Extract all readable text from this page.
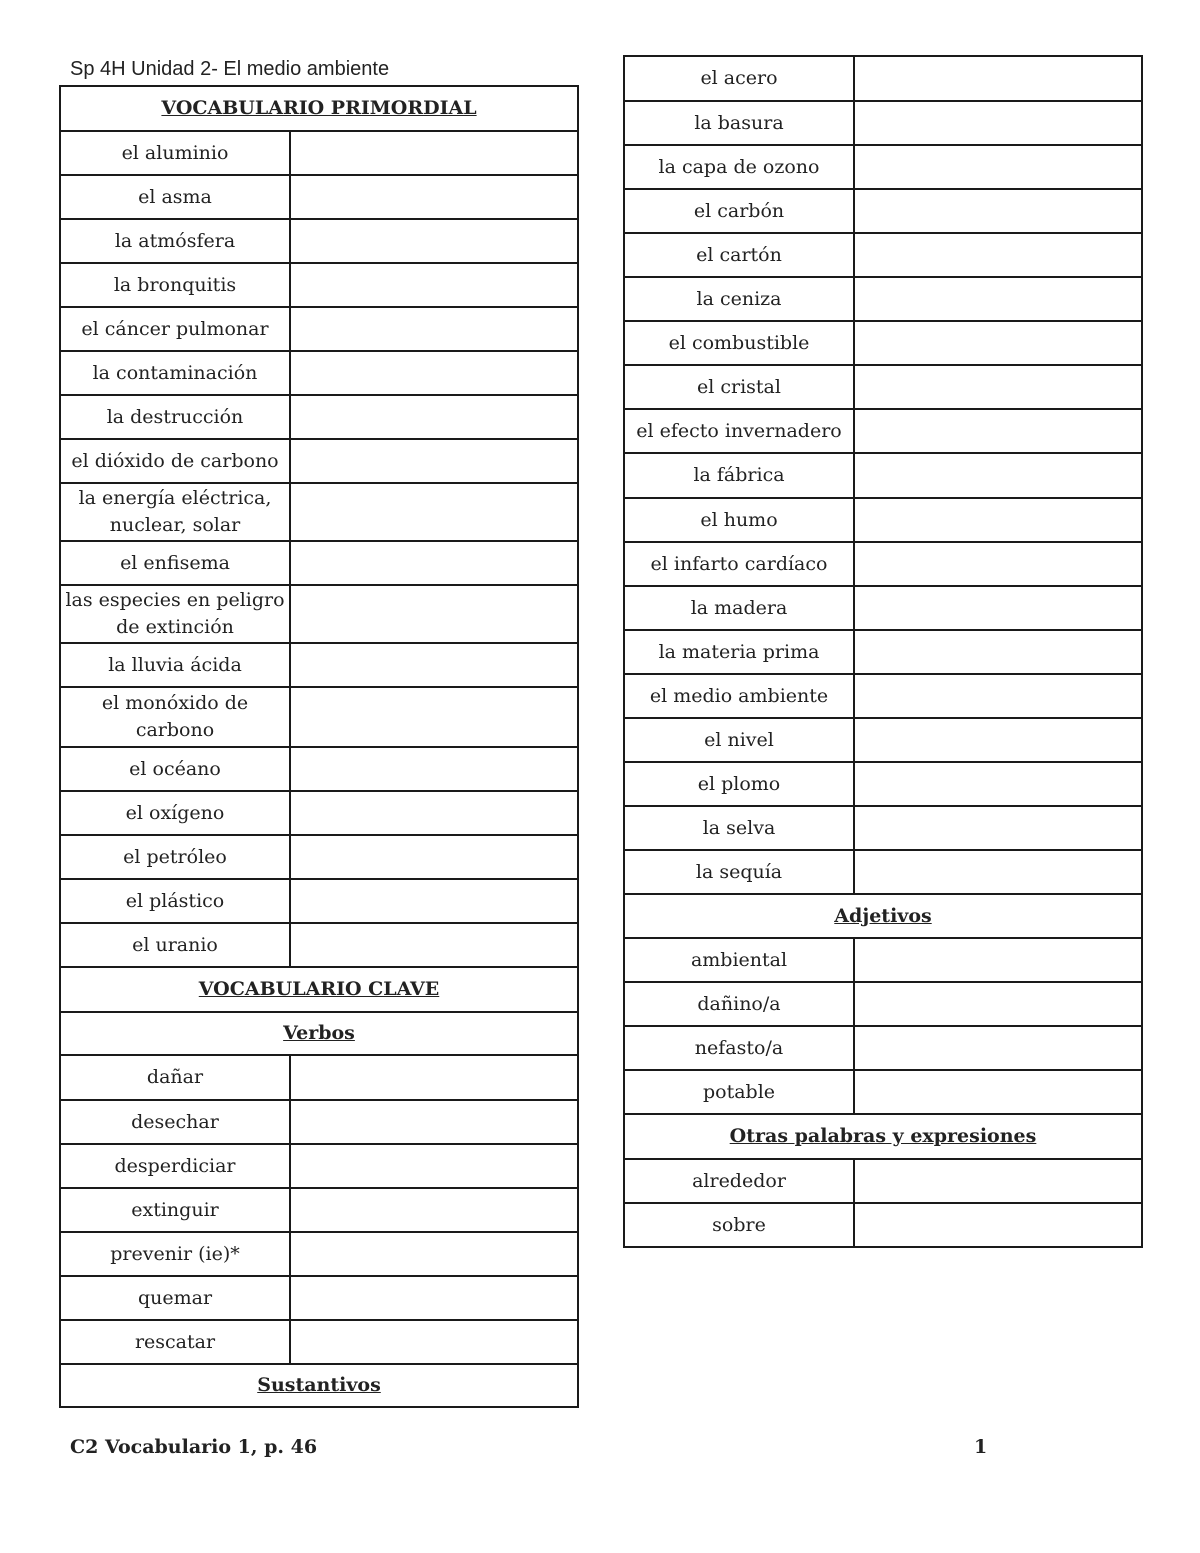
Sp 4H Unidad 2- El medio ambiente
VOCABULARIO PRIMORDIAL	
el aluminio	
el asma	
la atmósfera	
la bronquitis	
el cáncer pulmonar	
la contaminación	
la destrucción	
el dióxido de carbono	
la energía eléctrica, nuclear, solar	
el enfisema	
las especies en peligro de extinción	
la lluvia ácida	
el monóxido de carbono	
el océano	
el oxígeno	
el petróleo	
el plástico	
el uranio	
VOCABULARIO CLAVE	
Verbos	
dañar	
desechar	
desperdiciar	
extinguir	
prevenir (ie)*	
quemar	
rescatar	
Sustantivos	
el acero	
la basura	
la capa de ozono	
el carbón	
el cartón	
la ceniza	
el combustible	
el cristal	
el efecto invernadero	
la fábrica	
el humo	
el infarto cardíaco	
la madera	
la materia prima	
el medio ambiente	
el nivel	
el plomo	
la selva	
la sequía	
Adjetivos	
ambiental	
dañino/a	
nefasto/a	
potable	
Otras palabras y expresiones	
alrededor	
sobre	
C2 Vocabulario 1, p. 46	1
